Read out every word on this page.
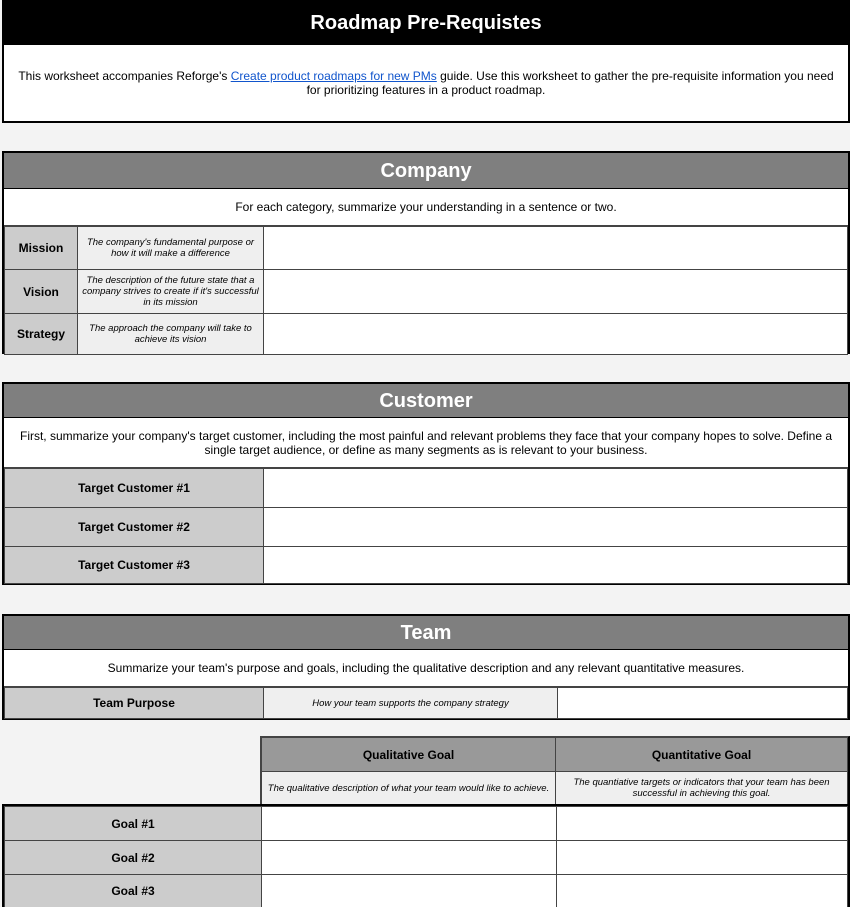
Roadmap Pre-Requistes
This worksheet accompanies Reforge's Create product roadmaps for new PMs guide. Use this worksheet to gather the pre-requisite information you need for prioritizing features in a product roadmap.
Company
For each category, summarize your understanding in a sentence or two.
Mission	The company's fundamental purpose or how it will make a difference	
Vision	The description of the future state that a company strives to create if it's successful in its mission	
Strategy	The approach the company will take to achieve its vision	
Customer
First, summarize your company's target customer, including the most painful and relevant problems they face that your company hopes to solve. Define a single target audience, or define as many segments as is relevant to your business.
Target Customer #1	
Target Customer #2	
Target Customer #3	
Team
Summarize your team's purpose and goals, including the qualitative description and any relevant quantitative measures.
Team Purpose	How your team supports the company strategy	
Qualitative Goal	Quantitative Goal
The qualitative description of what your team would like to achieve.	The quantiative targets or indicators that your team has been successful in achieving this goal.
Goal #1		
Goal #2		
Goal #3		
